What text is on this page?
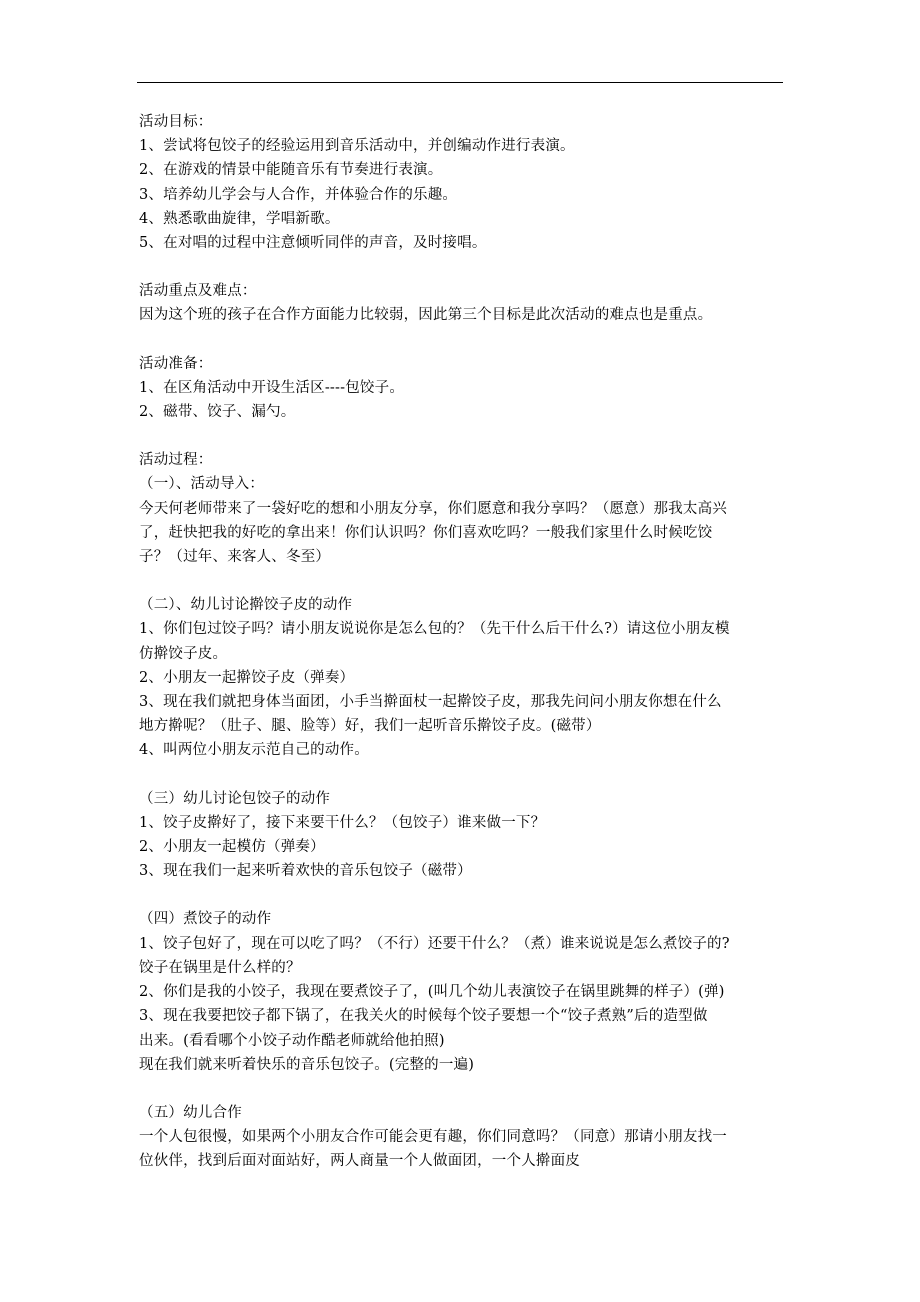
活动目标：
1、尝试将包饺子的经验运用到音乐活动中，并创编动作进行表演。
2、在游戏的情景中能随音乐有节奏进行表演。
3、培养幼儿学会与人合作，并体验合作的乐趣。
4、熟悉歌曲旋律，学唱新歌。
5、在对唱的过程中注意倾听同伴的声音，及时接唱。
活动重点及难点：
因为这个班的孩子在合作方面能力比较弱，因此第三个目标是此次活动的难点也是重点。
活动准备：
1、在区角活动中开设生活区----包饺子。
2、磁带、饺子、漏勺。
活动过程：
（一）、活动导入：
今天何老师带来了一袋好吃的想和小朋友分享，你们愿意和我分享吗？（愿意）那我太高兴
了，赶快把我的好吃的拿出来！你们认识吗？你们喜欢吃吗？一般我们家里什么时候吃饺
子？（过年、来客人、冬至）
（二）、幼儿讨论擀饺子皮的动作
1、你们包过饺子吗？请小朋友说说你是怎么包的？（先干什么后干什么?）请这位小朋友模
仿擀饺子皮。
2、小朋友一起擀饺子皮（弹奏）
3、现在我们就把身体当面团，小手当擀面杖一起擀饺子皮，那我先问问小朋友你想在什么
地方擀呢？（肚子、腿、脸等）好，我们一起听音乐擀饺子皮。(磁带）
4、叫两位小朋友示范自己的动作。
（三）幼儿讨论包饺子的动作
1、饺子皮擀好了，接下来要干什么？（包饺子）谁来做一下？
2、小朋友一起模仿（弹奏）
3、现在我们一起来听着欢快的音乐包饺子（磁带）
（四）煮饺子的动作
1、饺子包好了，现在可以吃了吗？（不行）还要干什么？（煮）谁来说说是怎么煮饺子的?
饺子在锅里是什么样的？
2、你们是我的小饺子，我现在要煮饺子了，(叫几个幼儿表演饺子在锅里跳舞的样子）(弹)
3、现在我要把饺子都下锅了，在我关火的时候每个饺子要想一个“饺子煮熟”后的造型做
出来。(看看哪个小饺子动作酷老师就给他拍照)
现在我们就来听着快乐的音乐包饺子。(完整的一遍)
（五）幼儿合作
一个人包很慢，如果两个小朋友合作可能会更有趣，你们同意吗？（同意）那请小朋友找一
位伙伴，找到后面对面站好，两人商量一个人做面团，一个人擀面皮
